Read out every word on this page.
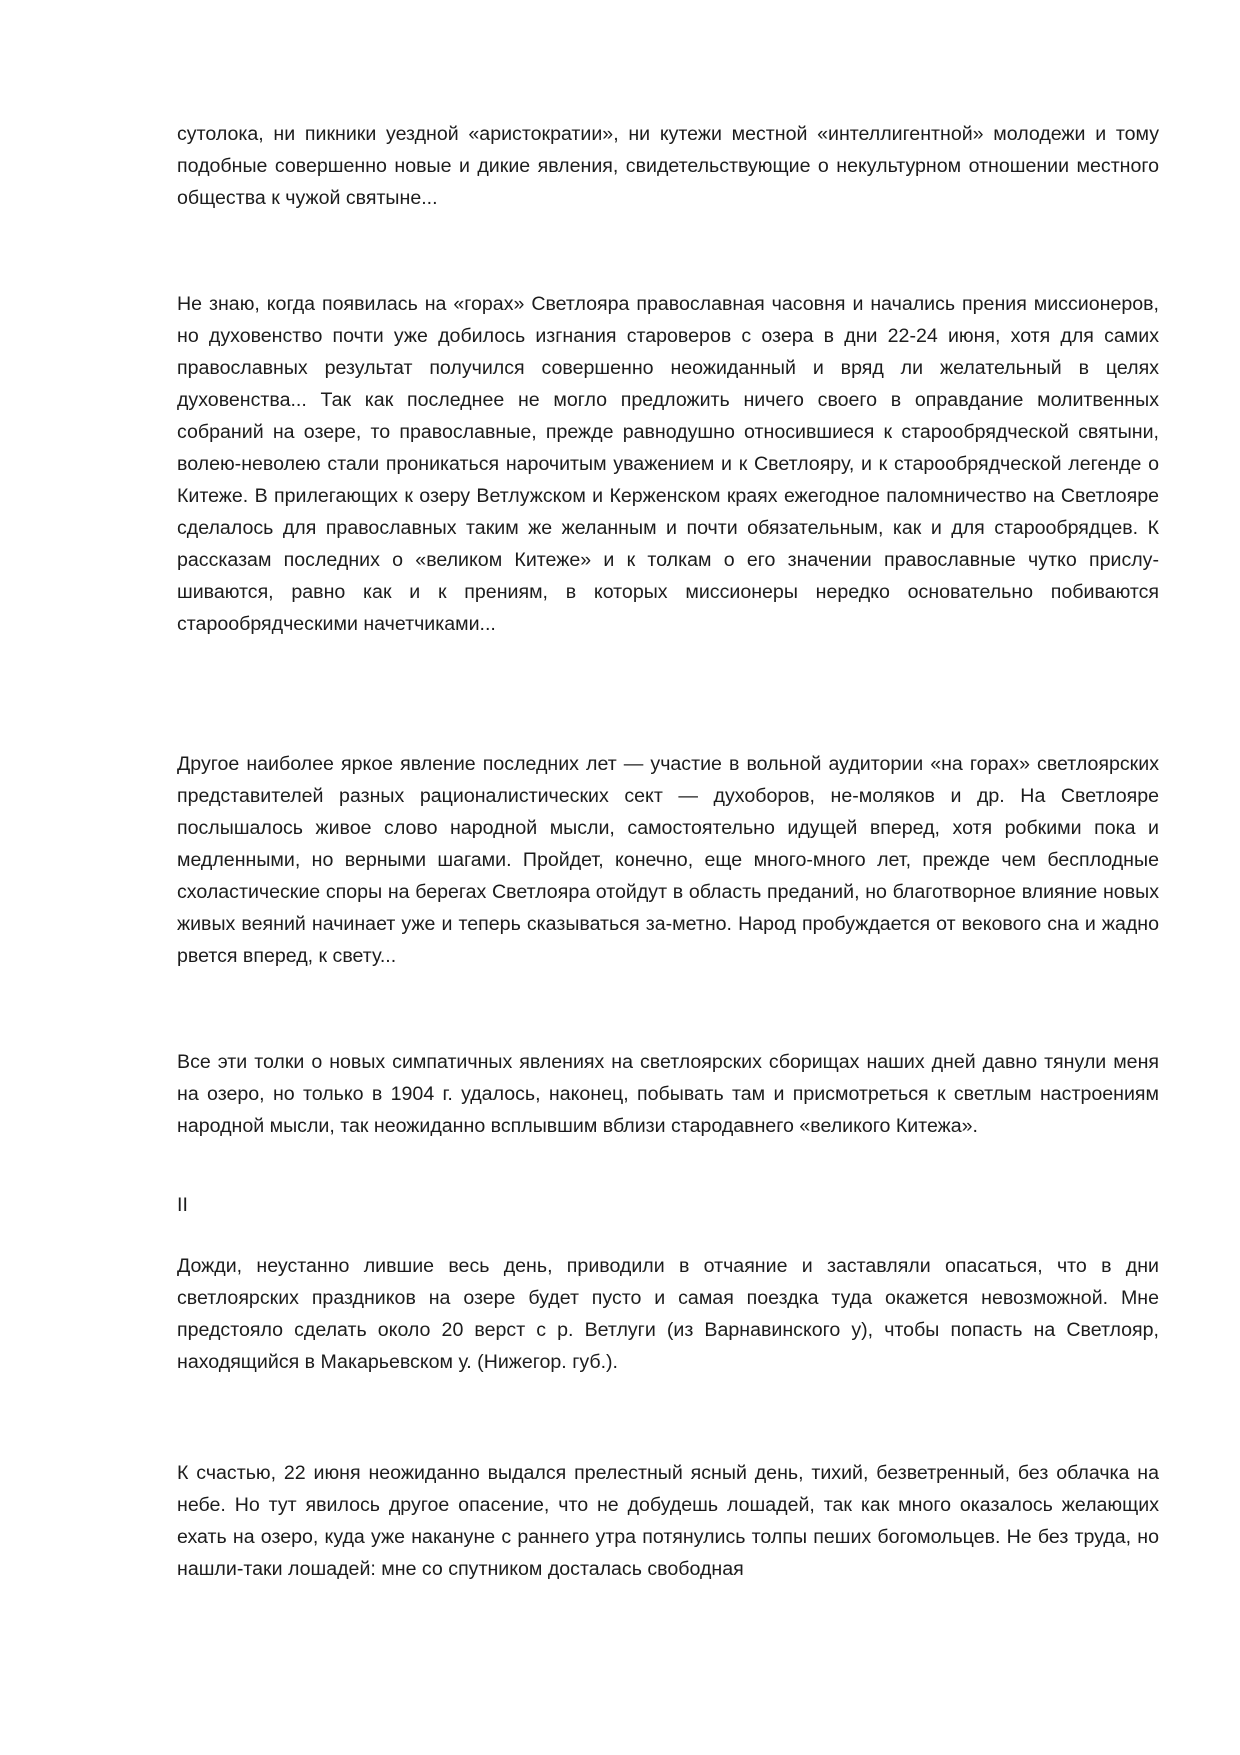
сутолока, ни пикники уездной «аристократии», ни кутежи местной «интеллигентной» молодежи и тому подобные совершенно новые и дикие явления, свидетельствующие о некультурном отношении местного общества к чужой святыне...

Не знаю, когда появилась на «горах» Светлояра православная часовня и начались прения миссионеров, но духовенство почти уже добилось изгнания староверов с озера в дни 22-24 июня, хотя для самих православных результат получился совершенно неожиданный и вряд ли желательный в целях духовенства... Так как последнее не могло предложить ничего своего в оправдание молитвенных собраний на озере, то православные, прежде равнодушно относившиеся к старообрядческой святыни, волею-неволею стали проникаться нарочитым уважением и к Светлояру, и к старообрядческой легенде о Китеже. В прилегающих к озеру Ветлужском и Керженском краях ежегодное паломничество на Светлояре сделалось для православных таким же желанным и почти обязательным, как и для старообрядцев. К рассказам последних о «великом Китеже» и к толкам о его значении православные чутко прислу-шиваются, равно как и к прениям, в которых миссионеры нередко основательно побиваются старообрядческими начетчиками...

Другое наиболее яркое явление последних лет — участие в вольной аудитории «на горах» светлоярских представителей разных рационалистических сект — духоборов, не-моляков и др. На Светлояре послышалось живое слово народной мысли, самостоятельно идущей вперед, хотя робкими пока и медленными, но верными шагами. Пройдет, конечно, еще много-много лет, прежде чем бесплодные схоластические споры на берегах Светлояра отойдут в область преданий, но благотворное влияние новых живых веяний начинает уже и теперь сказываться за-метно. Народ пробуждается от векового сна и жадно рвется вперед, к свету...

Все эти толки о новых симпатичных явлениях на светлоярских сборищах наших дней давно тянули меня на озеро, но только в 1904 г. удалось, наконец, побывать там и присмотреться к светлым настроениям народной мысли, так неожиданно всплывшим вблизи стародавнего «великого Китежа».

II

Дожди, неустанно лившие весь день, приводили в отчаяние и заставляли опасаться, что в дни светлоярских праздников на озере будет пусто и самая поездка туда окажется невозможной. Мне предстояло сделать около 20 верст с р. Ветлуги (из Варнавинского у), чтобы попасть на Светлояр, находящийся в Макарьевском у. (Нижегор. губ.).

К счастью, 22 июня неожиданно выдался прелестный ясный день, тихий, безветренный, без облачка на небе. Но тут явилось другое опасение, что не добудешь лошадей, так как много оказалось желающих ехать на озеро, куда уже накануне с раннего утра потянулись толпы пеших богомольцев. Не без труда, но нашли-таки лошадей: мне со спутником досталась свободная
